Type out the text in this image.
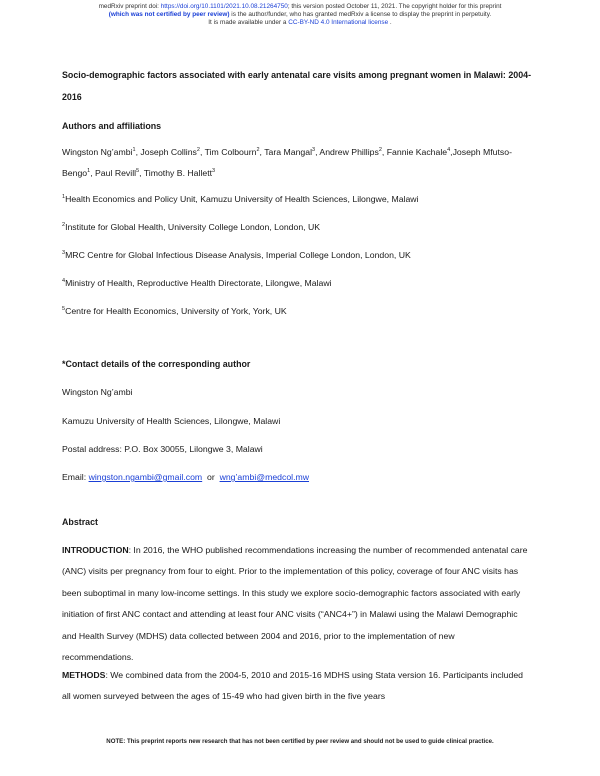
medRxiv preprint doi: https://doi.org/10.1101/2021.10.08.21264750; this version posted October 11, 2021. The copyright holder for this preprint
(which was not certified by peer review) is the author/funder, who has granted medRxiv a license to display the preprint in perpetuity.
It is made available under a CC-BY-ND 4.0 International license .
Socio-demographic factors associated with early antenatal care visits among pregnant women in Malawi: 2004-2016
Authors and affiliations
Wingston Ng’ambi$^1$, Joseph Collins$^2$, Tim Colbourn$^2$, Tara Mangal$^3$, Andrew Phillips$^2$, Fannie Kachale$^4$,Joseph Mfutso-Bengo$^1$, Paul Revill$^5$, Timothy B. Hallett$^3$
$^1$Health Economics and Policy Unit, Kamuzu University of Health Sciences, Lilongwe, Malawi
$^2$Institute for Global Health, University College London, London, UK
$^3$MRC Centre for Global Infectious Disease Analysis, Imperial College London, London, UK
$^4$Ministry of Health, Reproductive Health Directorate, Lilongwe, Malawi
$^5$Centre for Health Economics, University of York, York, UK
*Contact details of the corresponding author
Wingston Ng’ambi
Kamuzu University of Health Sciences, Lilongwe, Malawi
Postal address: P.O. Box 30055, Lilongwe 3, Malawi
Email: wingston.ngambi@gmail.com  or  wng’ambi@medcol.mw
Abstract
INTRODUCTION: In 2016, the WHO published recommendations increasing the number of recommended antenatal care (ANC) visits per pregnancy from four to eight. Prior to the implementation of this policy, coverage of four ANC visits has been suboptimal in many low-income settings. In this study we explore socio-demographic factors associated with early initiation of first ANC contact and attending at least four ANC visits (“ANC4+”) in Malawi using the Malawi Demographic and Health Survey (MDHS) data collected between 2004 and 2016, prior to the implementation of new recommendations.
METHODS: We combined data from the 2004-5, 2010 and 2015-16 MDHS using Stata version 16. Participants included all women surveyed between the ages of 15-49 who had given birth in the five years
NOTE: This preprint reports new research that has not been certified by peer review and should not be used to guide clinical practice.
